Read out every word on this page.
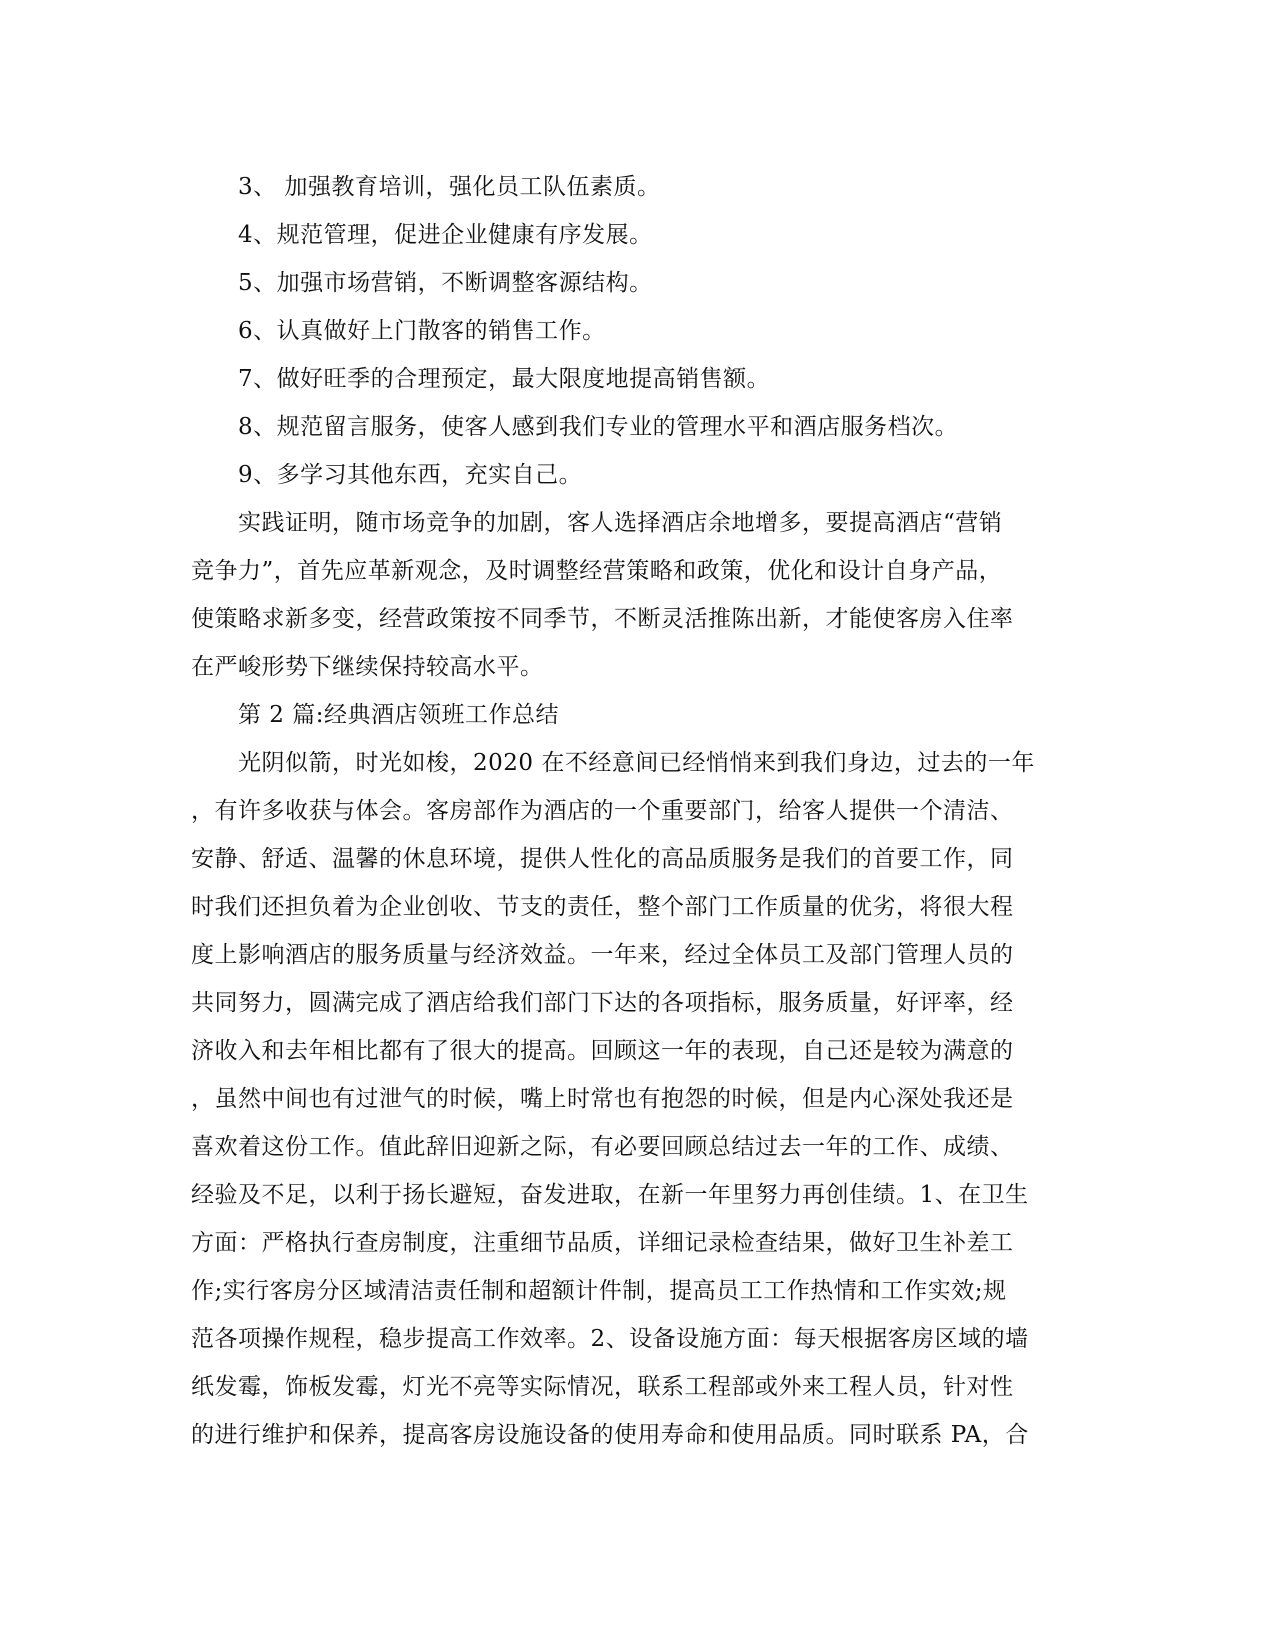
3、 加强教育培训，强化员工队伍素质。
4、规范管理，促进企业健康有序发展。
5、加强市场营销，不断调整客源结构。
6、认真做好上门散客的销售工作。
7、做好旺季的合理预定，最大限度地提高销售额。
8、规范留言服务，使客人感到我们专业的管理水平和酒店服务档次。
9、多学习其他东西，充实自己。
实践证明，随市场竞争的加剧，客人选择酒店余地增多，要提高酒店“营销
竞争力”，首先应革新观念，及时调整经营策略和政策，优化和设计自身产品，
使策略求新多变，经营政策按不同季节，不断灵活推陈出新，才能使客房入住率
在严峻形势下继续保持较高水平。
第 2 篇:经典酒店领班工作总结
光阴似箭，时光如梭，2020 在不经意间已经悄悄来到我们身边，过去的一年
，有许多收获与体会。客房部作为酒店的一个重要部门，给客人提供一个清洁、
安静、舒适、温馨的休息环境，提供人性化的高品质服务是我们的首要工作，同
时我们还担负着为企业创收、节支的责任，整个部门工作质量的优劣，将很大程
度上影响酒店的服务质量与经济效益。一年来，经过全体员工及部门管理人员的
共同努力，圆满完成了酒店给我们部门下达的各项指标，服务质量，好评率，经
济收入和去年相比都有了很大的提高。回顾这一年的表现，自己还是较为满意的
，虽然中间也有过泄气的时候，嘴上时常也有抱怨的时候，但是内心深处我还是
喜欢着这份工作。值此辞旧迎新之际，有必要回顾总结过去一年的工作、成绩、
经验及不足，以利于扬长避短，奋发进取，在新一年里努力再创佳绩。1、在卫生
方面：严格执行查房制度，注重细节品质，详细记录检查结果，做好卫生补差工
作;实行客房分区域清洁责任制和超额计件制，提高员工工作热情和工作实效;规
范各项操作规程，稳步提高工作效率。2、设备设施方面：每天根据客房区域的墙
纸发霉，饰板发霉，灯光不亮等实际情况，联系工程部或外来工程人员，针对性
的进行维护和保养，提高客房设施设备的使用寿命和使用品质。同时联系 PA，合
